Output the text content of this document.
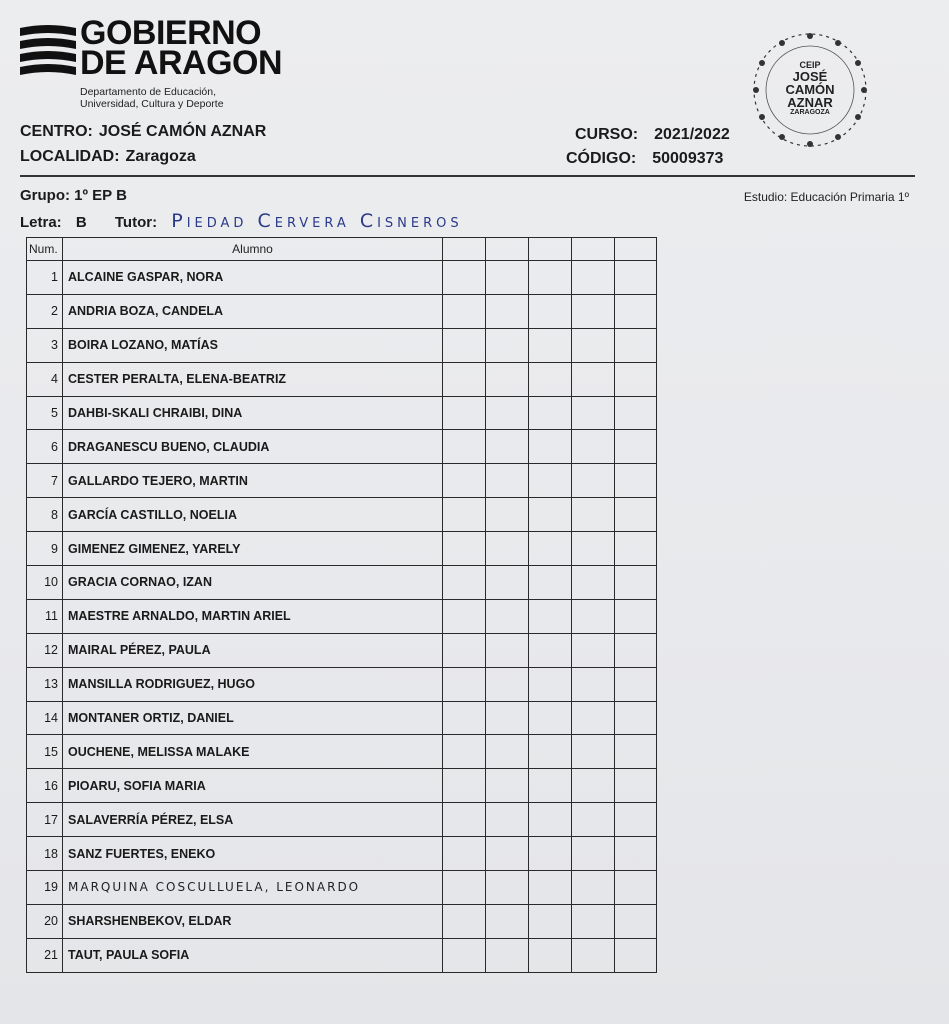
GOBIERNO
DE ARAGON
Departamento de Educación,
Universidad, Cultura y Deporte
CENTRO: JOSÉ CAMÓN AZNAR
LOCALIDAD: Zaragoza
CURSO: 2021/2022
CÓDIGO: 50009373
CEIP
JOSÉ
CAMÓN
AZNAR
ZARAGOZA
Grupo: 1º EP B
Letra: B Tutor: Piedad Cervera Cisneros
Estudio: Educación Primaria 1º
Num.	Alumno					
1	ALCAINE GASPAR, NORA					
2	ANDRIA BOZA, CANDELA					
3	BOIRA LOZANO, MATÍAS					
4	CESTER PERALTA, ELENA-BEATRIZ					
5	DAHBI-SKALI CHRAIBI, DINA					
6	DRAGANESCU BUENO, CLAUDIA					
7	GALLARDO TEJERO, MARTIN					
8	GARCÍA CASTILLO, NOELIA					
9	GIMENEZ GIMENEZ, YARELY					
10	GRACIA CORNAO, IZAN					
11	MAESTRE ARNALDO, MARTIN ARIEL					
12	MAIRAL PÉREZ, PAULA					
13	MANSILLA RODRIGUEZ, HUGO					
14	MONTANER ORTIZ, DANIEL					
15	OUCHENE, MELISSA MALAKE					
16	PIOARU, SOFIA MARIA					
17	SALAVERRÍA PÉREZ, ELSA					
18	SANZ FUERTES, ENEKO					
19	MARQUINA COSCULLUELA, LEONARDO					
20	SHARSHENBEKOV, ELDAR					
21	TAUT, PAULA SOFIA					
